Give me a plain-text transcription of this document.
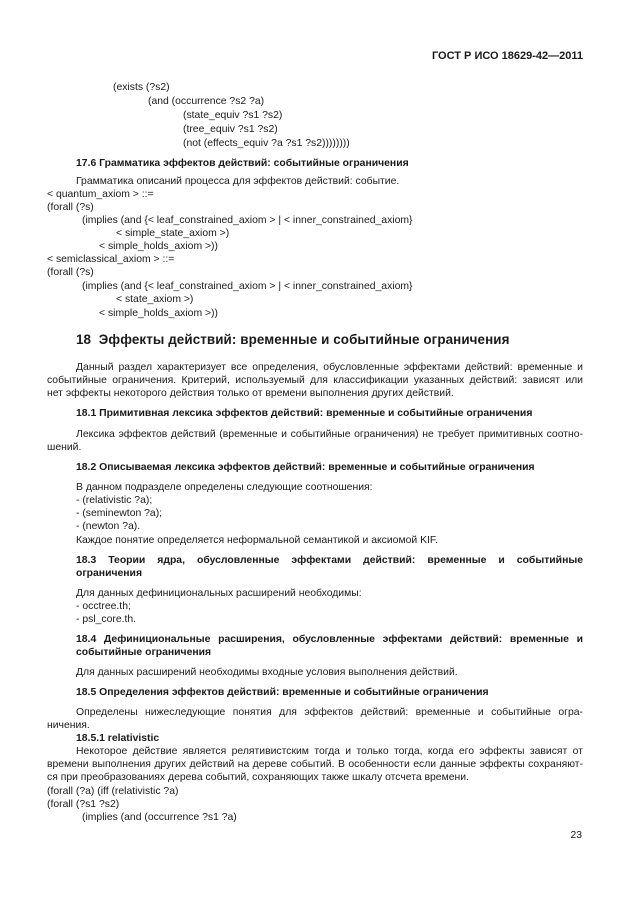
ГОСТ Р ИСО 18629-42—2011
(exists (?s2)
(and (occurrence ?s2 ?a)
(state_equiv ?s1 ?s2)
(tree_equiv ?s1 ?s2)
(not (effects_equiv ?a ?s1 ?s2))))))))
17.6 Грамматика эффектов действий: событийные ограничения
Грамматика описаний процесса для эффектов действий: событие.
< quantum_axiom > ::=
(forall (?s)
(implies (and {< leaf_constrained_axiom > | < inner_constrained_axiom}
< simple_state_axiom >)
< simple_holds_axiom >))
< semiclassical_axiom > ::=
(forall (?s)
(implies (and {< leaf_constrained_axiom > | < inner_constrained_axiom}
< state_axiom >)
< simple_holds_axiom >))
18 Эффекты действий: временные и событийные ограничения
Данный раздел характеризует все определения, обусловленные эффектами действий: временные и
событийные ограничения. Критерий, используемый для классификации указанных действий: зависят или
нет эффекты некоторого действия только от времени выполнения других действий.
18.1 Примитивная лексика эффектов действий: временные и событийные ограничения
Лексика эффектов действий (временные и событийные ограничения) не требует примитивных соотно-
шений.
18.2 Описываемая лексика эффектов действий: временные и событийные ограничения
В данном подразделе определены следующие соотношения:
- (relativistic ?a);
- (seminewton ?a);
- (newton ?a).
Каждое понятие определяется неформальной семантикой и аксиомой KIF.
18.3 Теории ядра, обусловленные эффектами действий: временные и событийные
ограничения
Для данных дефинициональных расширений необходимы:
- occtree.th;
- psl_core.th.
18.4 Дефинициональные расширения, обусловленные эффектами действий: временные и
событийные ограничения
Для данных расширений необходимы входные условия выполнения действий.
18.5 Определения эффектов действий: временные и событийные ограничения
Определены нижеследующие понятия для эффектов действий: временные и событийные огра-
ничения.
18.5.1 relativistic
Некоторое действие является релятивистским тогда и только тогда, когда его эффекты зависят от
времени выполнения других действий на дереве событий. В особенности если данные эффекты сохраняют-
ся при преобразованиях дерева событий, сохраняющих также шкалу отсчета времени.
(forall (?a) (iff (relativistic ?a)
(forall (?s1 ?s2)
(implies (and (occurrence ?s1 ?a)
23
